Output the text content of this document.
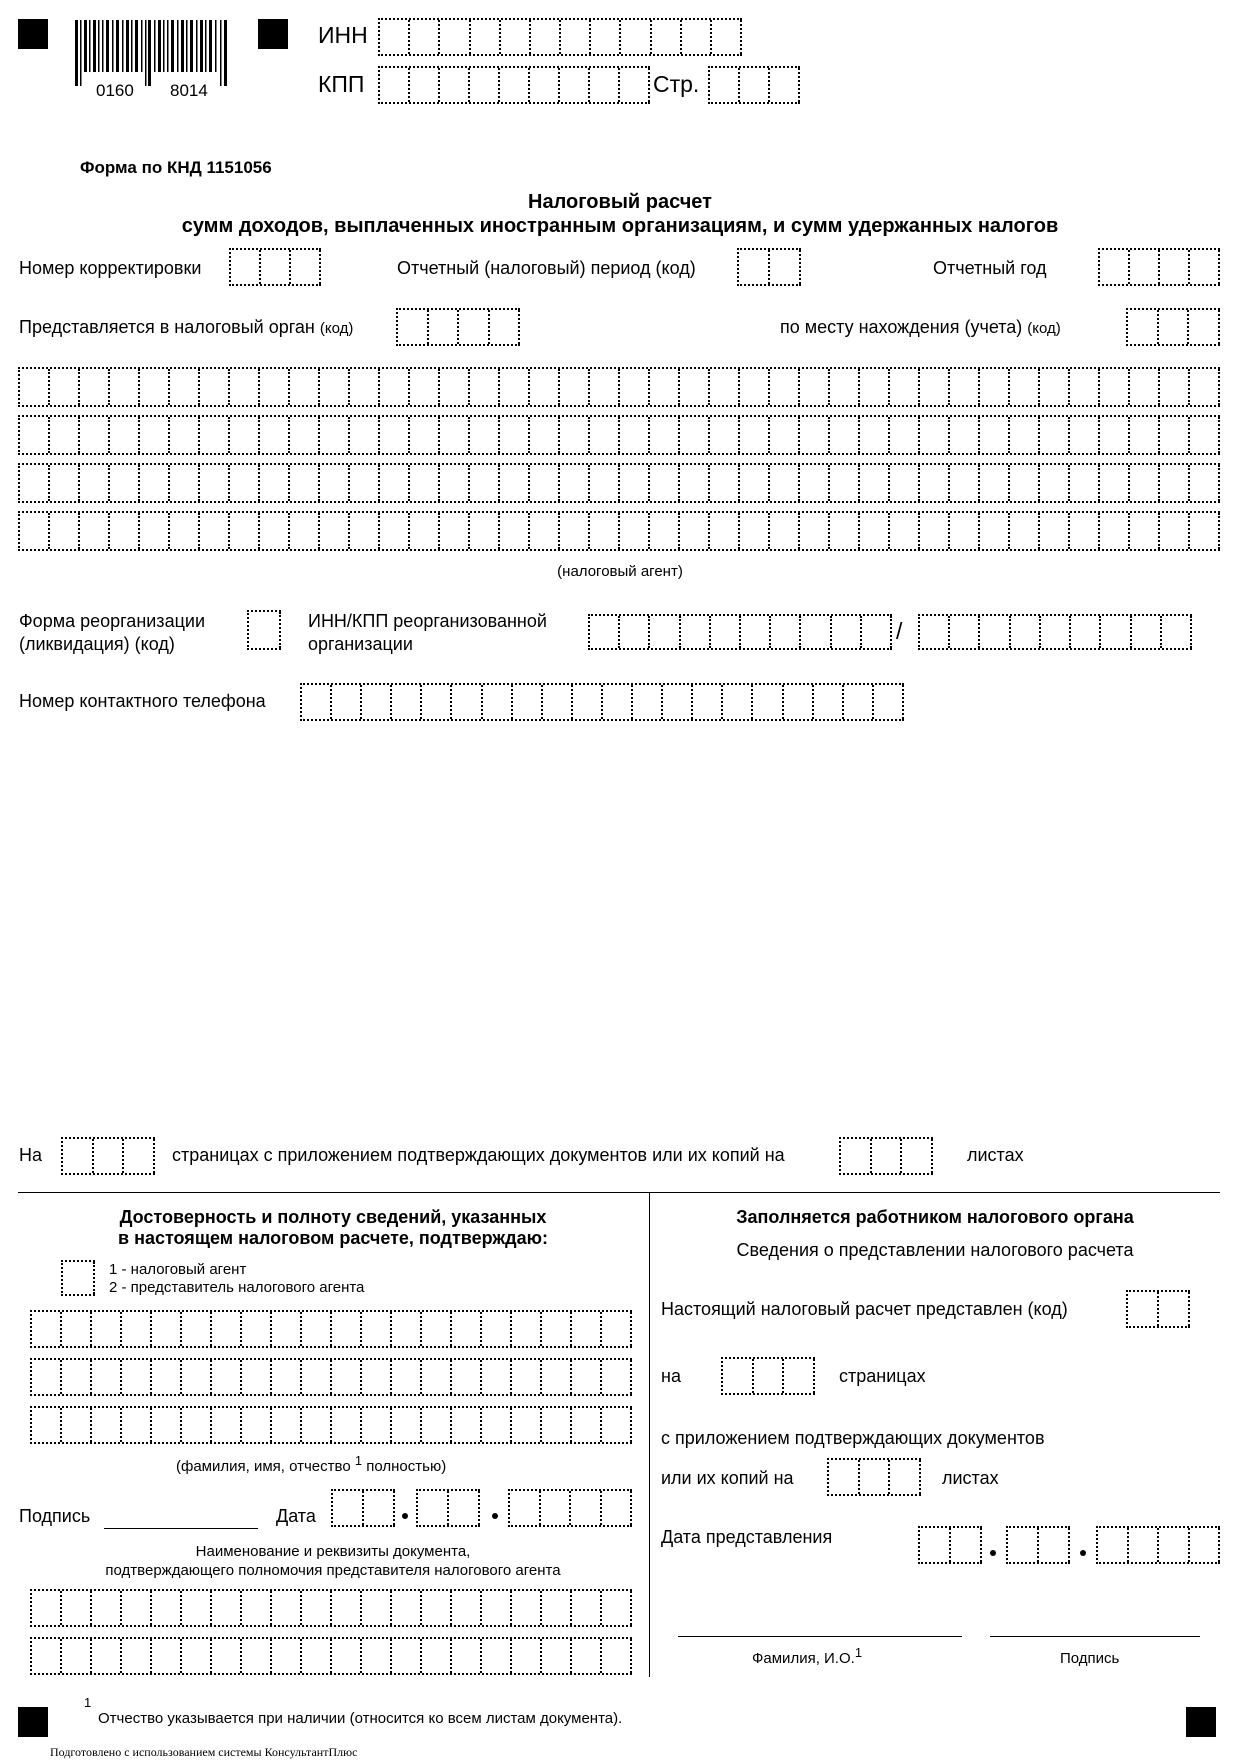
0160 8014
ИНН
КПП	Стр.
Форма по КНД 1151056
Налоговый расчет
сумм доходов, выплаченных иностранным организациям, и сумм удержанных налогов
Номер корректировки	Отчетный (налоговый) период (код)	Отчетный год
Представляется в налоговый орган (код)	по месту нахождения (учета) (код)
(налоговый агент)
Форма реорганизации
(ликвидация) (код)
ИНН/КПП реорганизованной
организации	/
Номер контактного телефона
На	страницах с приложением подтверждающих документов или их копий на	листах
Достоверность и полноту сведений, указанных
в настоящем налоговом расчете, подтверждаю:
1 - налоговый агент
2 - представитель налогового агента
(фамилия, имя, отчество $^1$ полностью)
Подпись	Дата
Наименование и реквизиты документа,
подтверждающего полномочия представителя налогового агента
Заполняется работником налогового органа
Сведения о представлении налогового расчета
Настоящий налоговый расчет представлен (код)
на	страницах
с приложением подтверждающих документов
или их копий на	листах
Дата представления
Фамилия, И.О.$^1$	Подпись
1
Отчество указывается при наличии (относится ко всем листам документа).
Подготовлено с использованием системы КонсультантПлюс
